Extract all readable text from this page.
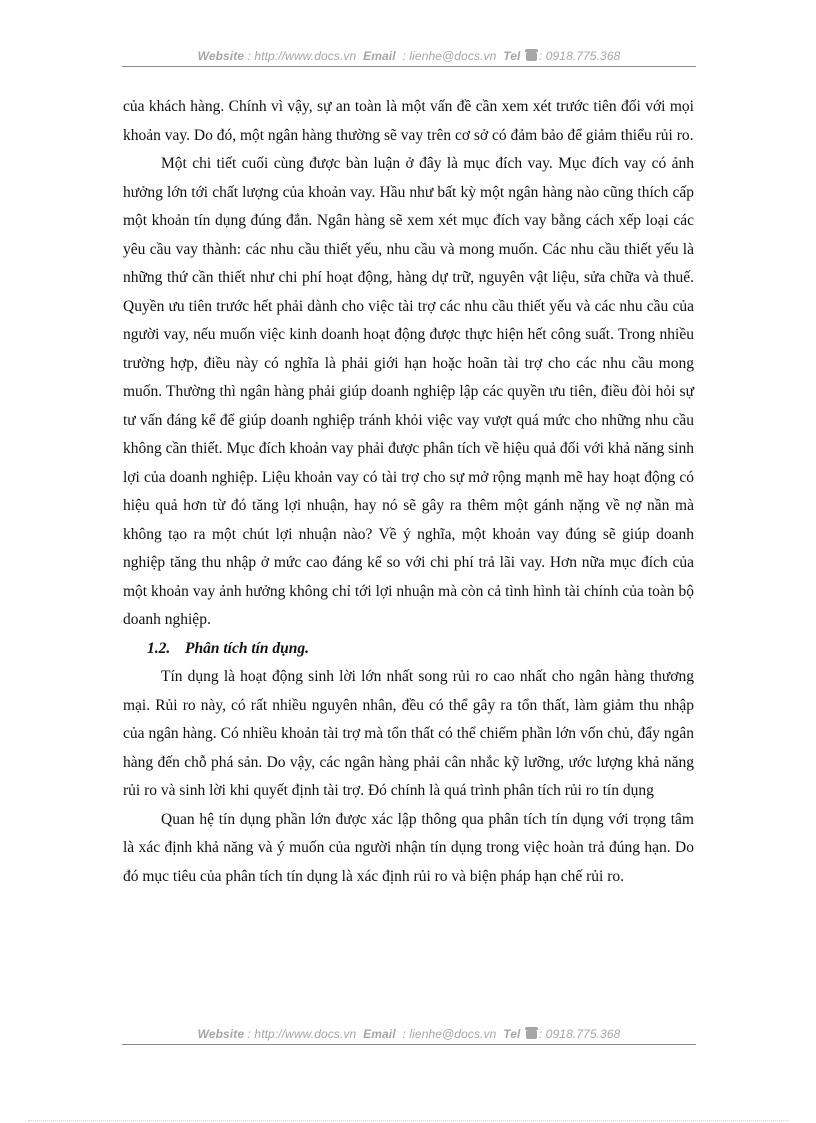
Website : http://www.docs.vn Email : lienhe@docs.vn Tel : 0918.775.368

của khách hàng. Chính vì vậy, sự an toàn là một vấn đề cần xem xét trước tiên đối với mọi khoản vay. Do đó, một ngân hàng thường sẽ vay trên cơ sở có đảm bảo để giảm thiểu rủi ro.

Một chi tiết cuối cùng được bàn luận ở đây là mục đích vay. Mục đích vay có ảnh hưởng lớn tới chất lượng của khoản vay. Hầu như bất kỳ một ngân hàng nào cũng thích cấp một khoản tín dụng đúng đắn. Ngân hàng sẽ xem xét mục đích vay bằng cách xếp loại các yêu cầu vay thành: các nhu cầu thiết yếu, nhu cầu và mong muốn. Các nhu cầu thiết yếu là những thứ cần thiết như chi phí hoạt động, hàng dự trữ, nguyên vật liệu, sửa chữa và thuế. Quyền ưu tiên trước hết phải dành cho việc tài trợ các nhu cầu thiết yếu và các nhu cầu của người vay, nếu muốn việc kinh doanh hoạt động được thực hiện hết công suất. Trong nhiều trường hợp, điều này có nghĩa là phải giới hạn hoặc hoãn tài trợ cho các nhu cầu mong muốn. Thường thì ngân hàng phải giúp doanh nghiệp lập các quyền ưu tiên, điều đòi hỏi sự tư vấn đáng kể để giúp doanh nghiệp tránh khỏi việc vay vượt quá mức cho những nhu cầu không cần thiết. Mục đích khoản vay phải được phân tích về hiệu quả đối với khả năng sinh lợi của doanh nghiệp. Liệu khoản vay có tài trợ cho sự mở rộng mạnh mẽ hay hoạt động có hiệu quả hơn từ đó tăng lợi nhuận, hay nó sẽ gây ra thêm một gánh nặng về nợ nần mà không tạo ra một chút lợi nhuận nào? Về ý nghĩa, một khoản vay đúng sẽ giúp doanh nghiệp tăng thu nhập ở mức cao đáng kể so với chi phí trả lãi vay. Hơn nữa mục đích của một khoản vay ảnh hưởng không chỉ tới lợi nhuận mà còn cả tình hình tài chính của toàn bộ doanh nghiệp.

1.2. Phân tích tín dụng.

Tín dụng là hoạt động sinh lời lớn nhất song rủi ro cao nhất cho ngân hàng thương mại. Rủi ro này, có rất nhiều nguyên nhân, đều có thể gây ra tổn thất, làm giảm thu nhập của ngân hàng. Có nhiều khoản tài trợ mà tổn thất có thể chiếm phần lớn vốn chủ, đẩy ngân hàng đến chỗ phá sản. Do vậy, các ngân hàng phải cân nhắc kỹ lưỡng, ước lượng khả năng rủi ro và sinh lời khi quyết định tài trợ. Đó chính là quá trình phân tích rủi ro tín dụng

Quan hệ tín dụng phần lớn được xác lập thông qua phân tích tín dụng với trọng tâm là xác định khả năng và ý muốn của người nhận tín dụng trong việc hoàn trả đúng hạn. Do đó mục tiêu của phân tích tín dụng là xác định rủi ro và biện pháp hạn chế rủi ro.

Website : http://www.docs.vn Email : lienhe@docs.vn Tel : 0918.775.368
